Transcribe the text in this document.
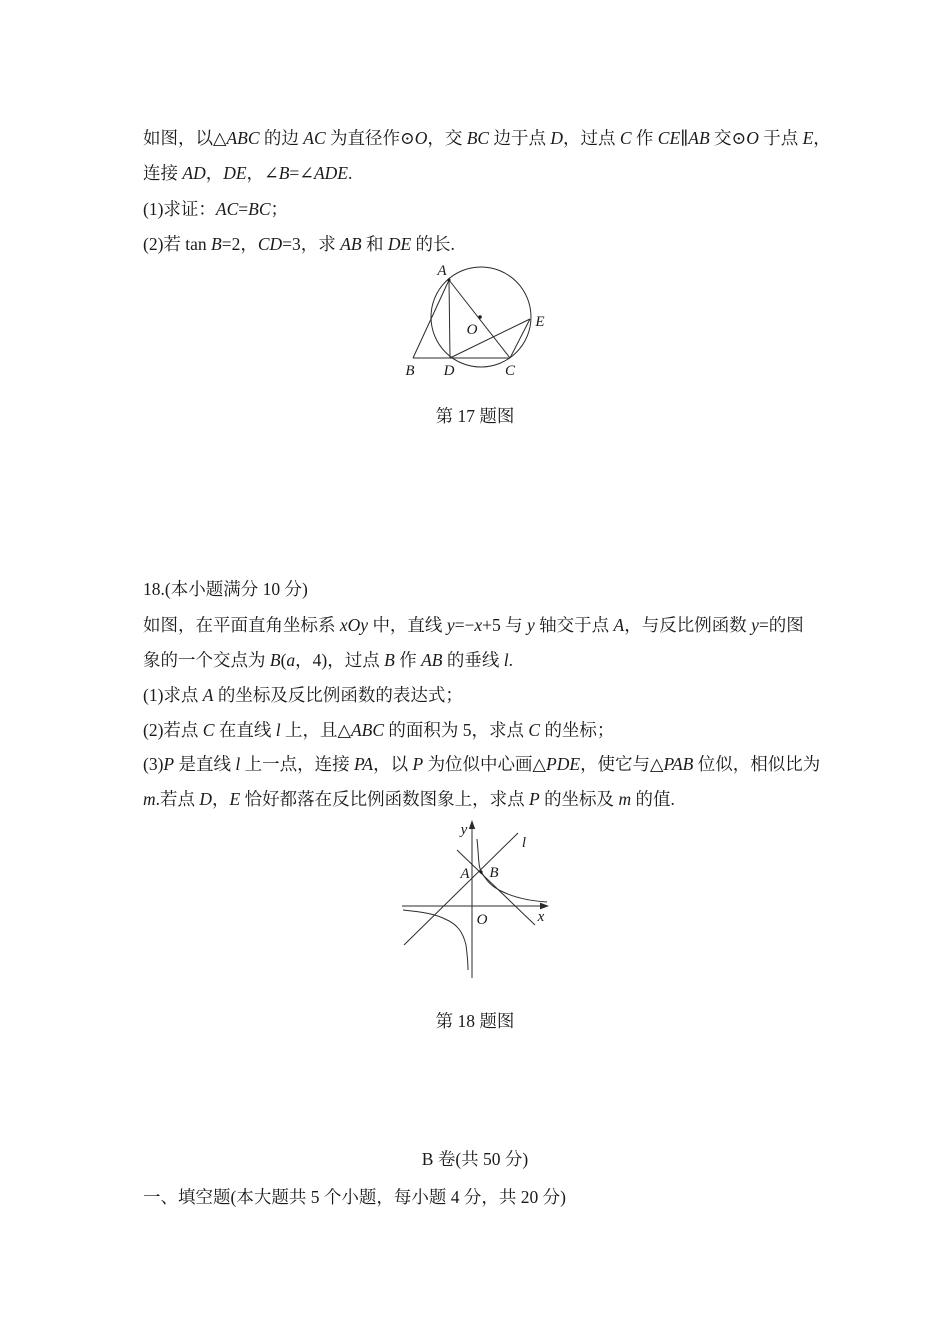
如图，以△ABC 的边 AC 为直径作⊙O，交 BC 边于点 D，过点 C 作 CE∥AB 交⊙O 于点 E，
连接 AD，DE，∠B=∠ADE.
(1)求证：AC=BC；
(2)若 tan B=2，CD=3，求 AB 和 DE 的长.
A
B D	C
E
O
第 17 题图
18.(本小题满分 10 分)
如图，在平面直角坐标系 xOy 中，直线 y=−x+5 与 y 轴交于点 A，与反比例函数 y=的图
象的一个交点为 B(a，4)，过点 B 作 AB 的垂线 l.
(1)求点 A 的坐标及反比例函数的表达式；
(2)若点 C 在直线 l 上，且△ABC 的面积为 5，求点 C 的坐标；
(3)P 是直线 l 上一点，连接 PA，以 P 为位似中心画△PDE，使它与△PAB 位似，相似比为
m.若点 D，E 恰好都落在反比例函数图象上，求点 P 的坐标及 m 的值.
y
x
O
l
A B
第 18 题图
B 卷(共 50 分)
一、填空题(本大题共 5 个小题，每小题 4 分，共 20 分)
